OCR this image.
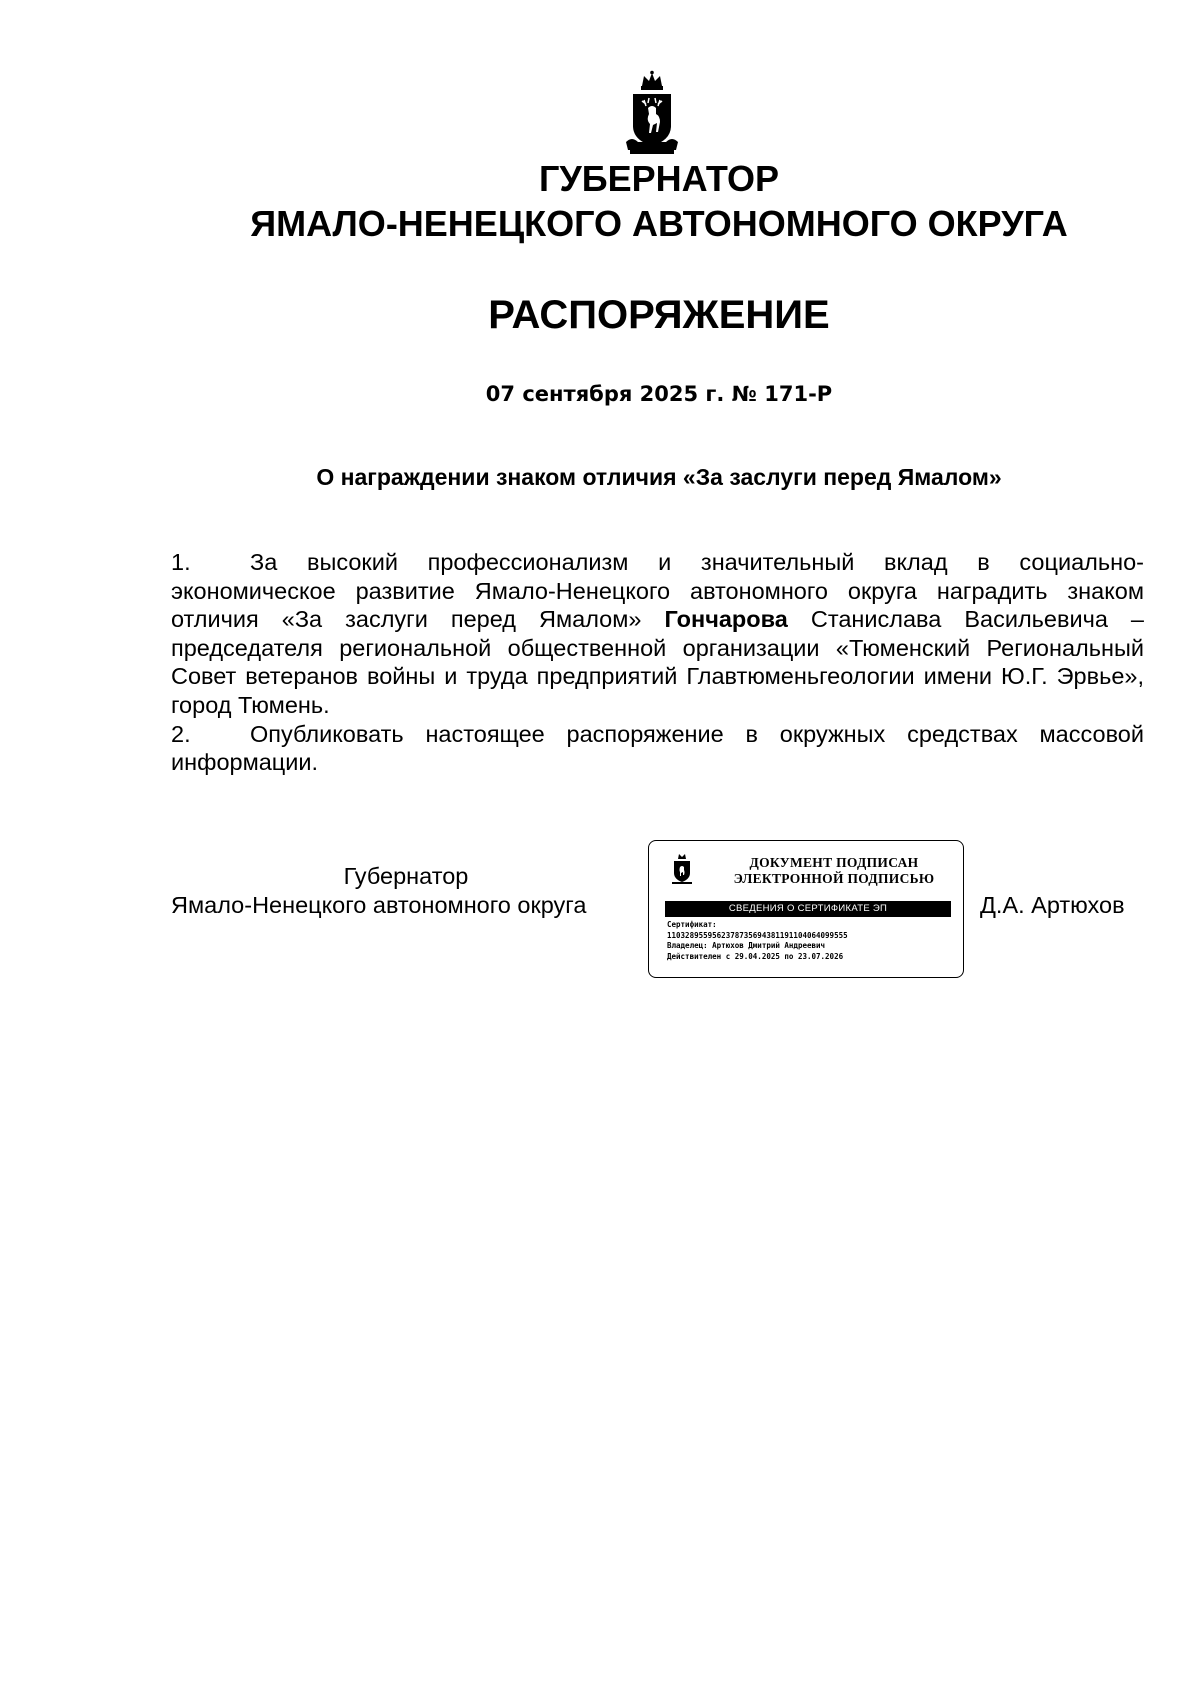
ГУБЕРНАТОР
ЯМАЛО-НЕНЕЦКОГО АВТОНОМНОГО ОКРУГА
РАСПОРЯЖЕНИЕ
07 сентября 2025 г. № 171-Р
О награждении знаком отличия «За заслуги перед Ямалом»

1.	За высокий профессионализм и значительный вклад в социально-экономическое развитие Ямало-Ненецкого автономного округа наградить знаком отличия «За заслуги перед Ямалом» Гончарова Станислава Васильевича – председателя региональной общественной организации «Тюменский Региональный Совет ветеранов войны и труда предприятий Главтюменьгеологии имени Ю.Г. Эрвье», город Тюмень.

2.	Опубликовать настоящее распоряжение в окружных средствах массовой информации.

Губернатор
Ямало-Ненецкого автономного округа
ДОКУМЕНТ ПОДПИСАН
ЭЛЕКТРОННОЙ ПОДПИСЬЮ
СВЕДЕНИЯ О СЕРТИФИКАТЕ ЭП
Сертификат:
1103289559562378735694381191104064099555
Владелец: Артюхов Дмитрий Андреевич
Действителен с 29.04.2025 по 23.07.2026
Д.А. Артюхов
